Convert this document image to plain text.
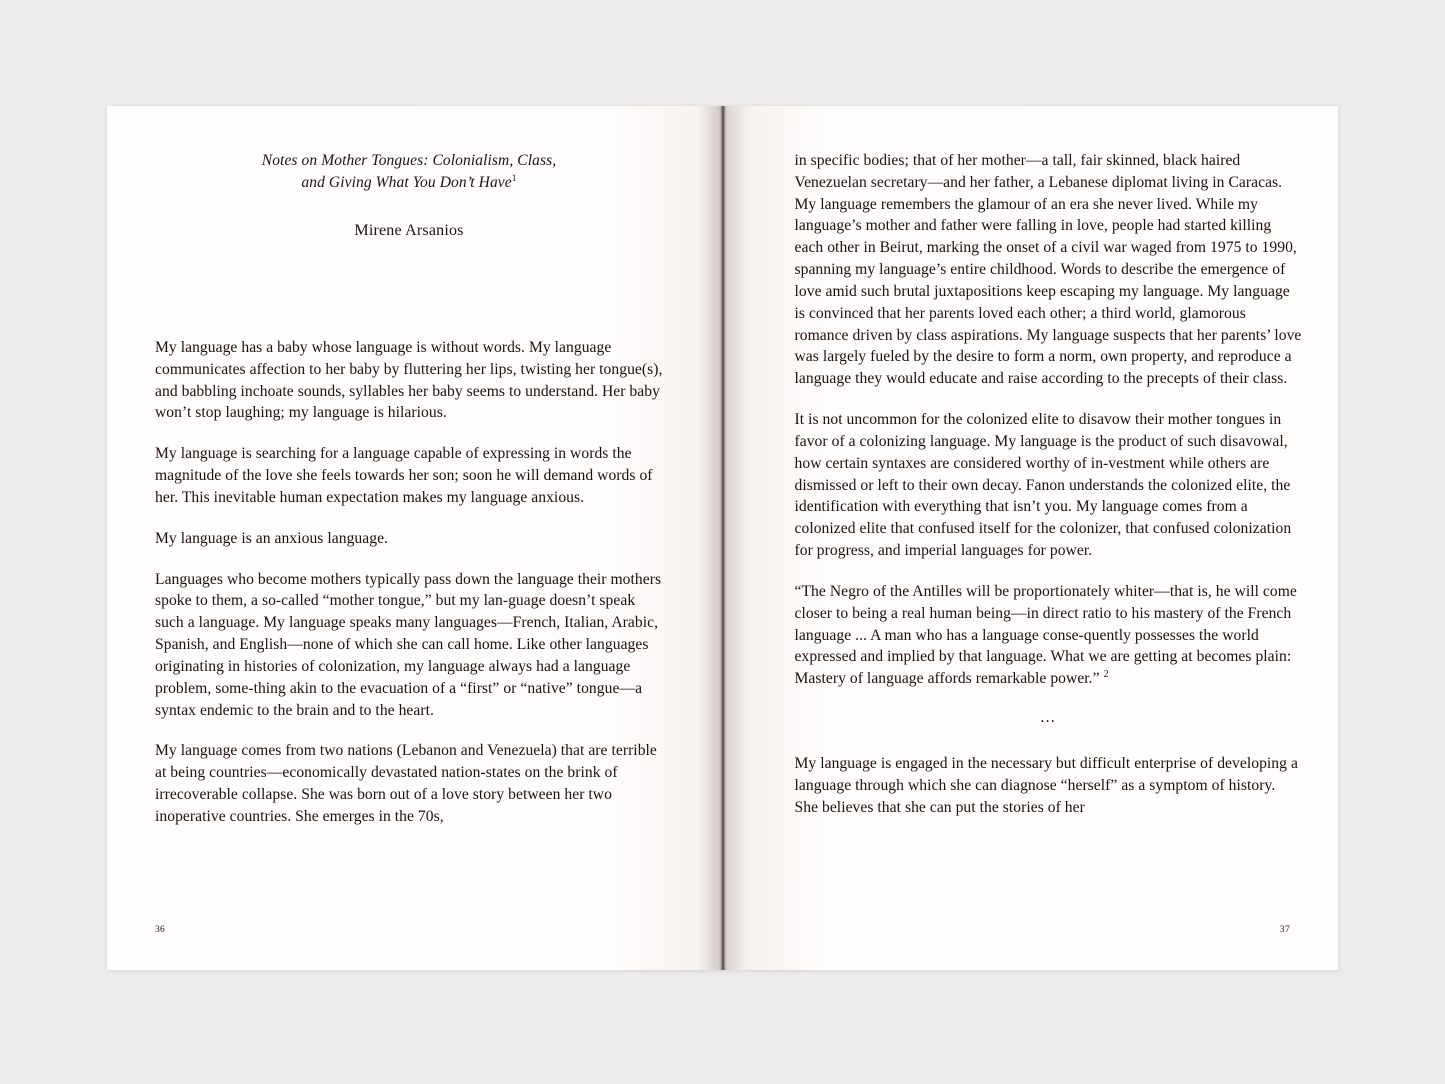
Notes on Mother Tongues: Colonialism, Class,
and Giving What You Don’t Have$^1$
Mirene Arsanios

My language has a baby whose language is without words. My language communicates affection to her baby by fluttering her lips, twisting her tongue(s), and babbling inchoate sounds, syllables her baby seems to understand. Her baby won’t stop laughing; my language is hilarious.

My language is searching for a language capable of expressing in words the magnitude of the love she feels towards her son; soon he will demand words of her. This inevitable human expectation makes my language anxious.

My language is an anxious language.

Languages who become mothers typically pass down the language their mothers spoke to them, a so-called “mother tongue,” but my lan-guage doesn’t speak such a language. My language speaks many languages—French, Italian, Arabic, Spanish, and English—none of which she can call home. Like other languages originating in histories of colonization, my language always had a language problem, some-thing akin to the evacuation of a “first” or “native” tongue—a syntax endemic to the brain and to the heart.

My language comes from two nations (Lebanon and Venezuela) that are terrible at being countries—economically devastated nation-states on the brink of irrecoverable collapse. She was born out of a love story between her two inoperative countries. She emerges in the 70s,

36

in specific bodies; that of her mother—a tall, fair skinned, black haired Venezuelan secretary—and her father, a Lebanese diplomat living in Caracas. My language remembers the glamour of an era she never lived. While my language’s mother and father were falling in love, people had started killing each other in Beirut, marking the onset of a civil war waged from 1975 to 1990, spanning my language’s entire childhood. Words to describe the emergence of love amid such brutal juxtapositions keep escaping my language. My language is convinced that her parents loved each other; a third world, glamorous romance driven by class aspirations. My language suspects that her parents’ love was largely fueled by the desire to form a norm, own property, and reproduce a language they would educate and raise according to the precepts of their class.

It is not uncommon for the colonized elite to disavow their mother tongues in favor of a colonizing language. My language is the product of such disavowal, how certain syntaxes are considered worthy of in-vestment while others are dismissed or left to their own decay. Fanon understands the colonized elite, the identification with everything that isn’t you. My language comes from a colonized elite that confused itself for the colonizer, that confused colonization for progress, and imperial languages for power.

“The Negro of the Antilles will be proportionately whiter—that is, he will come closer to being a real human being—in direct ratio to his mastery of the French language ... A man who has a language conse-quently possesses the world expressed and implied by that language. What we are getting at becomes plain: Mastery of language affords remarkable power.” $^2$

…

My language is engaged in the necessary but difficult enterprise of developing a language through which she can diagnose “herself” as a symptom of history. She believes that she can put the stories of her

37
